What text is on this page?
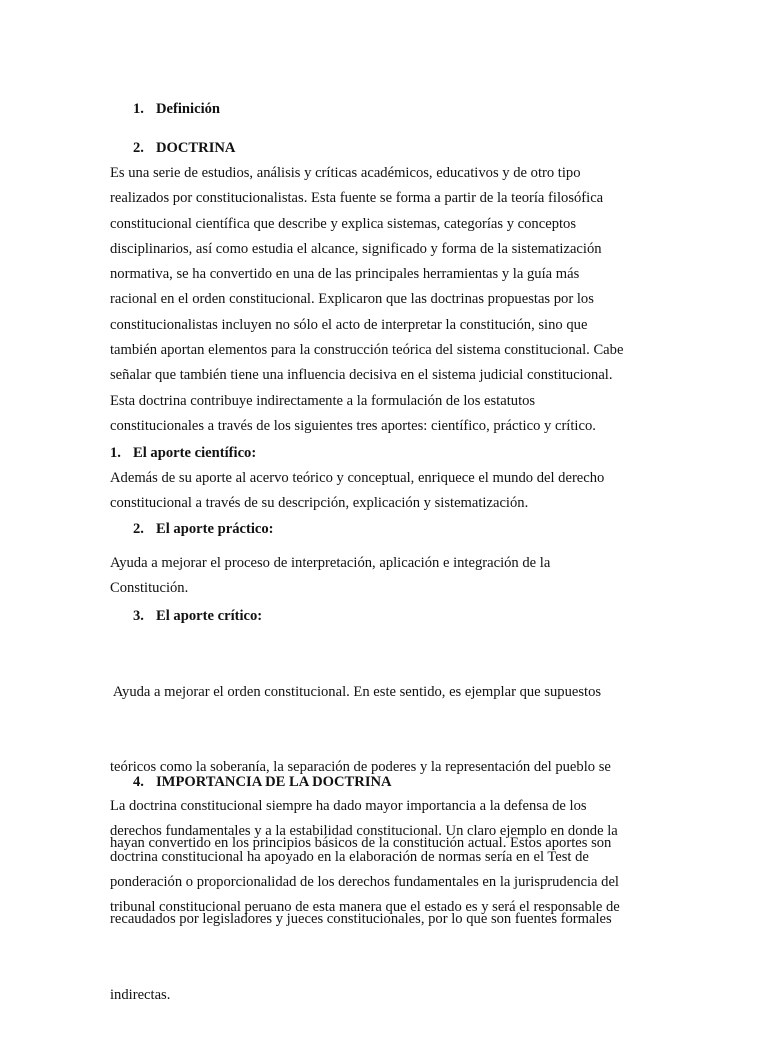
1. Definición
2. DOCTRINA
Es una serie de estudios, análisis y críticas académicos, educativos y de otro tipo
realizados por constitucionalistas. Esta fuente se forma a partir de la teoría filosófica
constitucional científica que describe y explica sistemas, categorías y conceptos
disciplinarios, así como estudia el alcance, significado y forma de la sistematización
normativa, se ha convertido en una de las principales herramientas y la guía más
racional en el orden constitucional. Explicaron que las doctrinas propuestas por los
constitucionalistas incluyen no sólo el acto de interpretar la constitución, sino que
también aportan elementos para la construcción teórica del sistema constitucional. Cabe
señalar que también tiene una influencia decisiva en el sistema judicial constitucional.
Esta doctrina contribuye indirectamente a la formulación de los estatutos
constitucionales a través de los siguientes tres aportes: científico, práctico y crítico.
1. El aporte científico:
Además de su aporte al acervo teórico y conceptual, enriquece el mundo del derecho
constitucional a través de su descripción, explicación y sistematización.
2. El aporte práctico:
Ayuda a mejorar el proceso de interpretación, aplicación e integración de la
Constitución.
3. El aporte crítico:

Ayuda a mejorar el orden constitucional. En este sentido, es ejemplar que supuestos

teóricos como la soberanía, la separación de poderes y la representación del pueblo se

hayan convertido en los principios básicos de la constitución actual. Estos aportes son

recaudados por legisladores y jueces constitucionales, por lo que son fuentes formales

indirectas.

4. IMPORTANCIA DE LA DOCTRINA
La doctrina constitucional siempre ha dado mayor importancia a la defensa de los
derechos fundamentales y a la estabilidad constitucional. Un claro ejemplo en donde la
doctrina constitucional ha apoyado en la elaboración de normas sería en el Test de
ponderación o proporcionalidad de los derechos fundamentales en la jurisprudencia del
tribunal constitucional peruano de esta manera que el estado es y será el responsable de
